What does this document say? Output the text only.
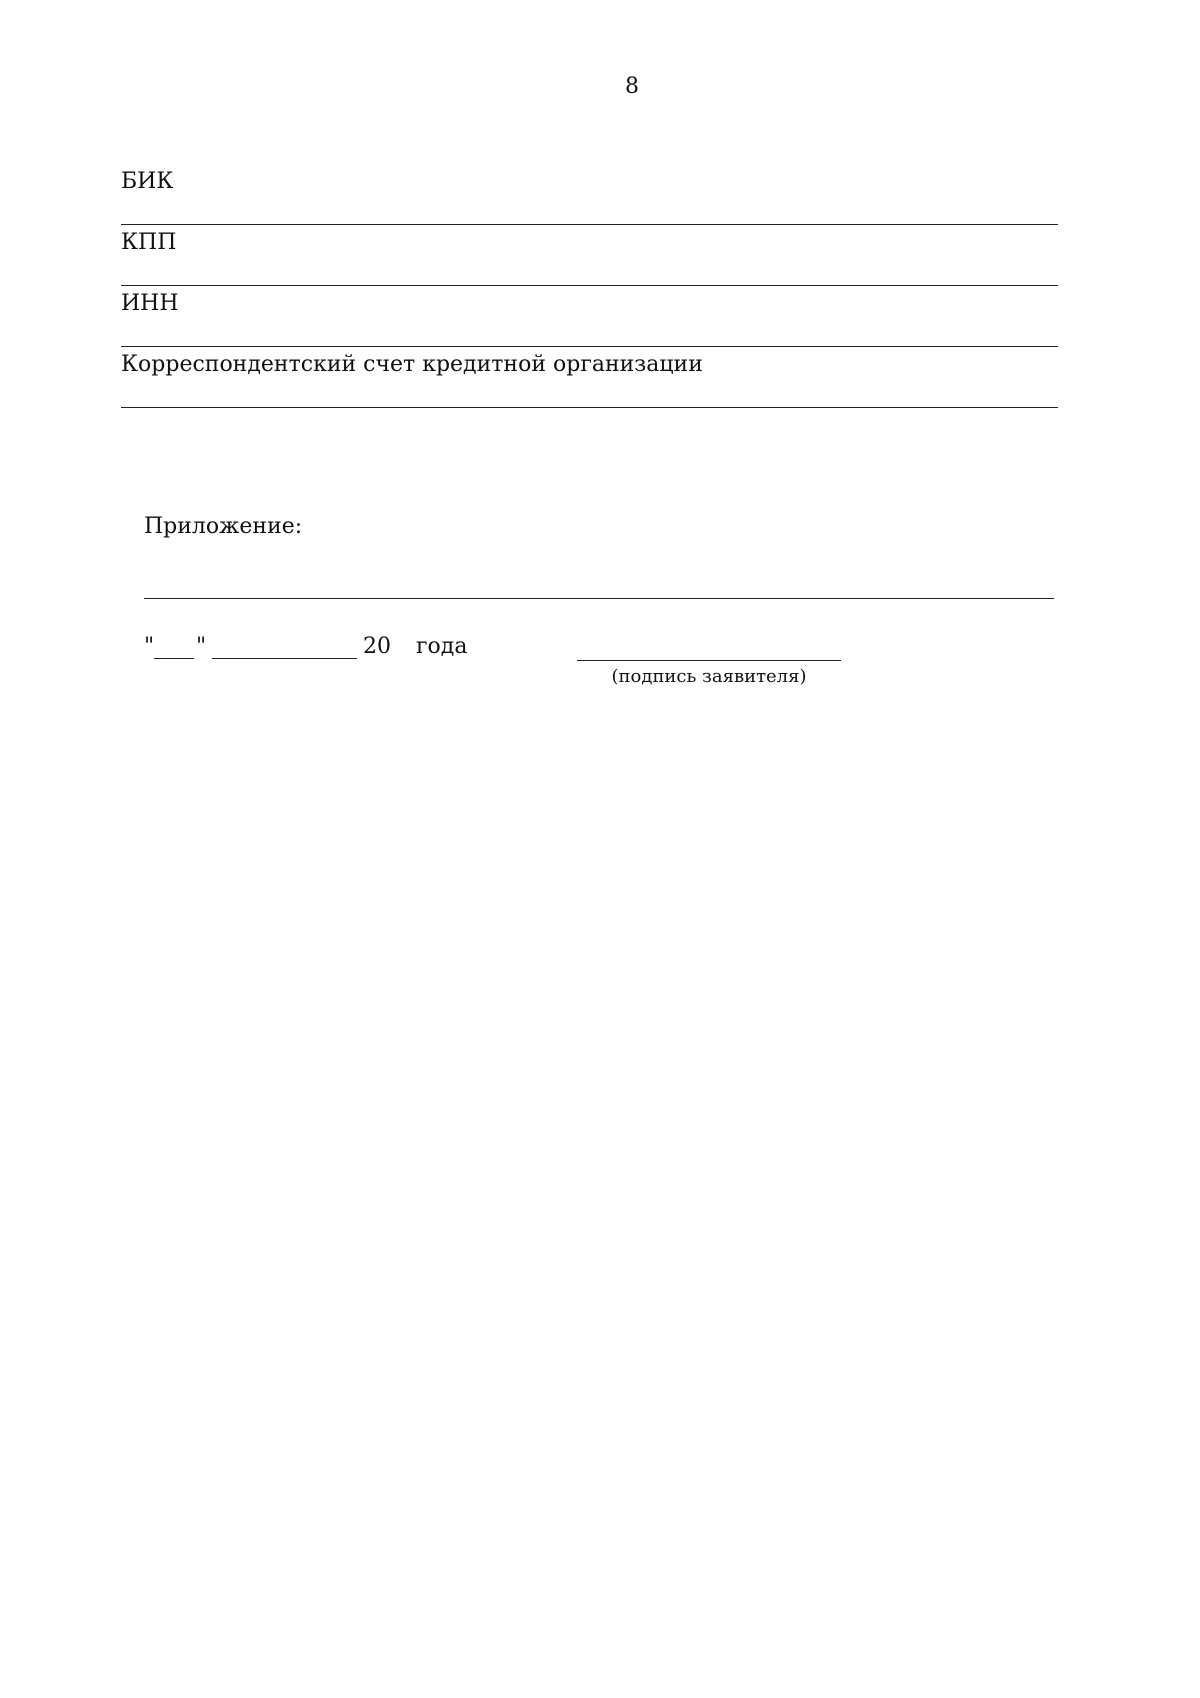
8
БИК
КПП
ИНН
Корреспондентский счет кредитной организации
Приложение:
" "	20 года
(подпись заявителя)
